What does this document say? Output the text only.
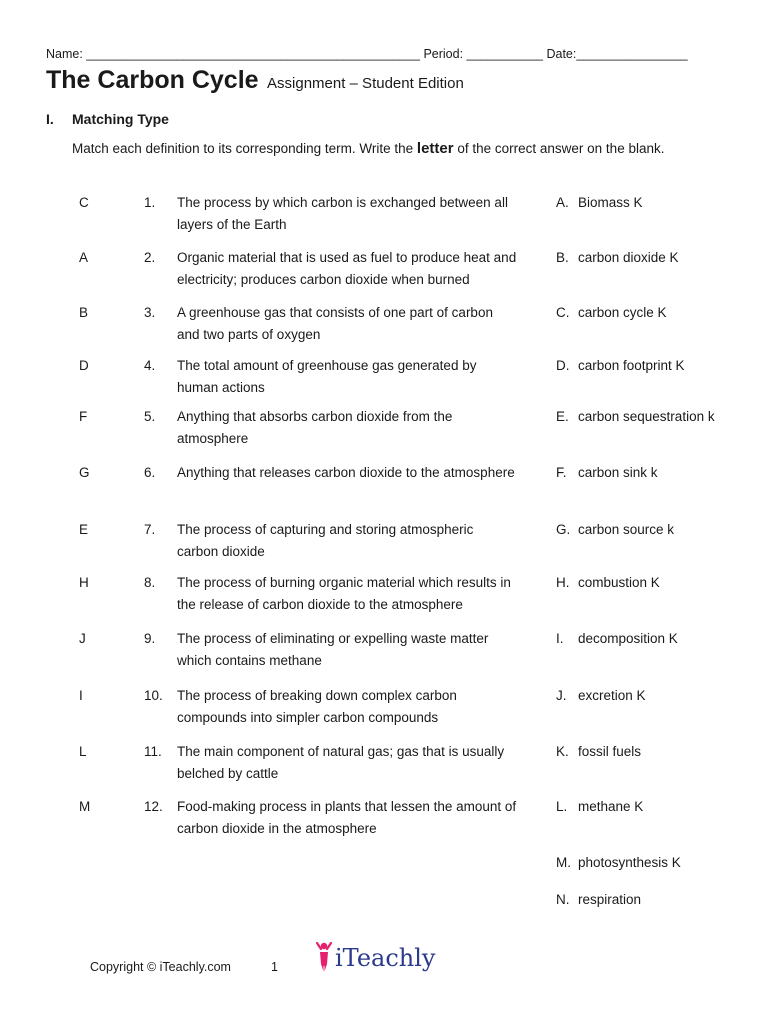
Name: ________________________________________________ Period: ___________ Date:________________
The Carbon Cycle Assignment – Student Edition
I. Matching Type
Match each definition to its corresponding term. Write the letter of the correct answer on the blank.
C	1. The process by which carbon is exchanged between all layers of the Earth
A	2. Organic material that is used as fuel to produce heat and electricity; produces carbon dioxide when burned
B	3. A greenhouse gas that consists of one part of carbon and two parts of oxygen
D	4. The total amount of greenhouse gas generated by human actions
F	5. Anything that absorbs carbon dioxide from the atmosphere
G	6. Anything that releases carbon dioxide to the atmosphere
E	7. The process of capturing and storing atmospheric carbon dioxide
H	8. The process of burning organic material which results in the release of carbon dioxide to the atmosphere
J	9. The process of eliminating or expelling waste matter which contains methane
I	10. The process of breaking down complex carbon compounds into simpler carbon compounds
L	11. The main component of natural gas; gas that is usually belched by cattle
M	12. Food-making process in plants that lessen the amount of carbon dioxide in the atmosphere
A. Biomass K
B. carbon dioxide K
C. carbon cycle K
D. carbon footprint K
E. carbon sequestration k
F. carbon sink k
G. carbon source k
H. combustion K
I. decomposition K
J. excretion K
K. fossil fuels
L. methane K
M. photosynthesis K
N. respiration
Copyright © iTeachly.com	1 iTeachly
